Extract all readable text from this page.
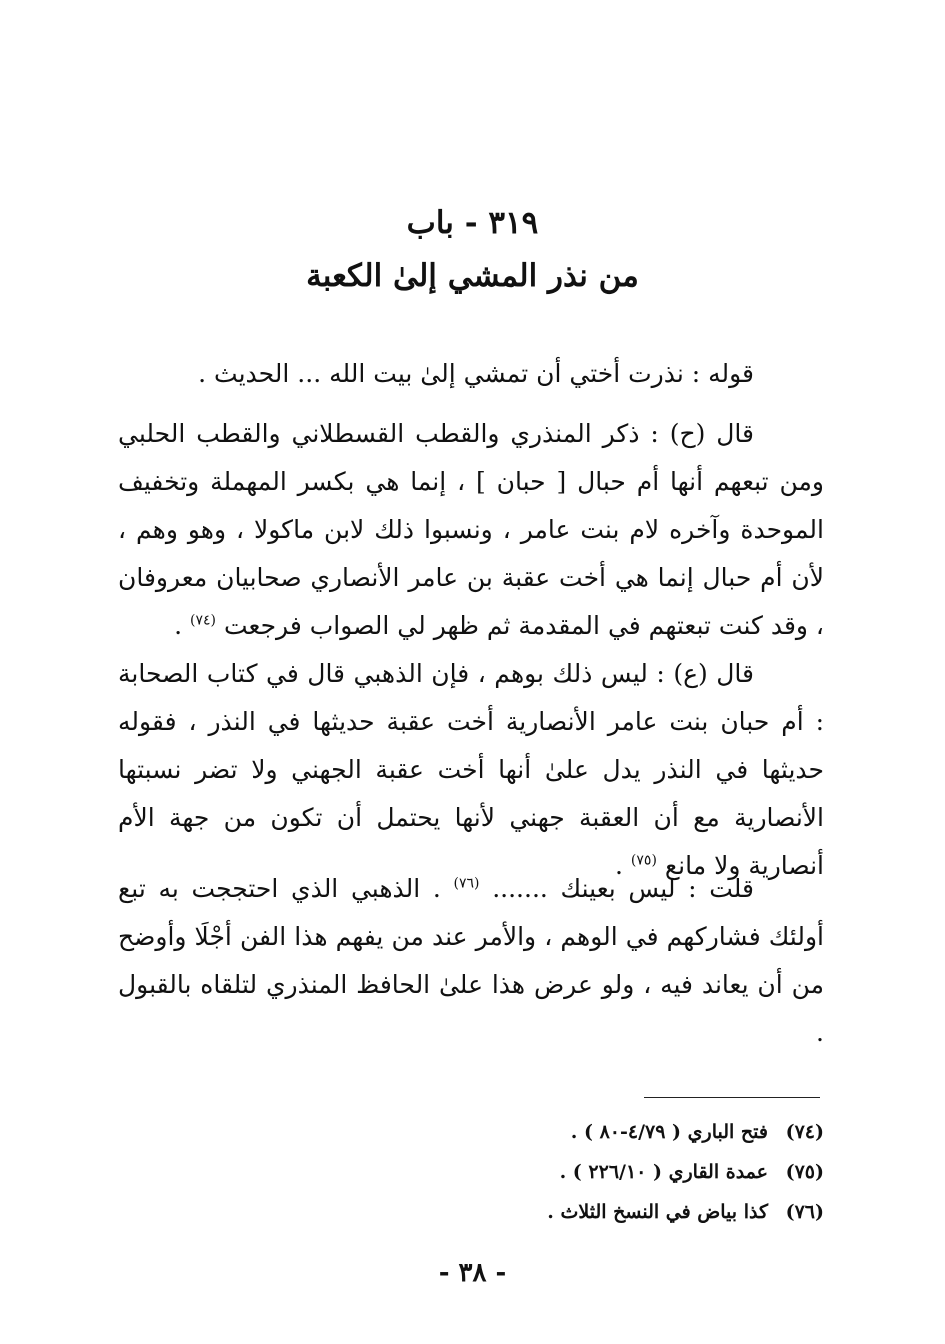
٣١٩ - باب
من نذر المشي إلىٰ الكعبة

قوله : نذرت أختي أن تمشي إلىٰ بيت الله ... الحديث .

قال (ح) : ذكر المنذري والقطب القسطلاني والقطب الحلبي ومن تبعهم أنها أم حبال [ حبان ] ، إنما هي بكسر المهملة وتخفيف الموحدة وآخره لام بنت عامر ، ونسبوا ذلك لابن ماكولا ، وهو وهم ، لأن أم حبال إنما هي أخت عقبة بن عامر الأنصاري صحابيان معروفان ، وقد كنت تبعتهم في المقدمة ثم ظهر لي الصواب فرجعت $^{(٧٤)}$ .

قال (ع) : ليس ذلك بوهم ، فإن الذهبي قال في كتاب الصحابة : أم حبان بنت عامر الأنصارية أخت عقبة حديثها في النذر ، فقوله حديثها في النذر يدل علىٰ أنها أخت عقبة الجهني ولا تضر نسبتها الأنصارية مع أن العقبة جهني لأنها يحتمل أن تكون من جهة الأم أنصارية ولا مانع $^{(٧٥)}$ .

قلت : ليس بعينك ....... $^{(٧٦)}$ . الذهبي الذي احتججت به تبع أولئك فشاركهم في الوهم ، والأمر عند من يفهم هذا الفن أجْلَا وأوضح من أن يعاند فيه ، ولو عرض هذا علىٰ الحافظ المنذري لتلقاه بالقبول .

(٧٤)فتح الباري ( ٤/٧٩-٨٠ ) .
(٧٥)عمدة القاري ( ٢٢٦/١٠ ) .
(٧٦)كذا بياض في النسخ الثلاث .
- ٣٨ -
